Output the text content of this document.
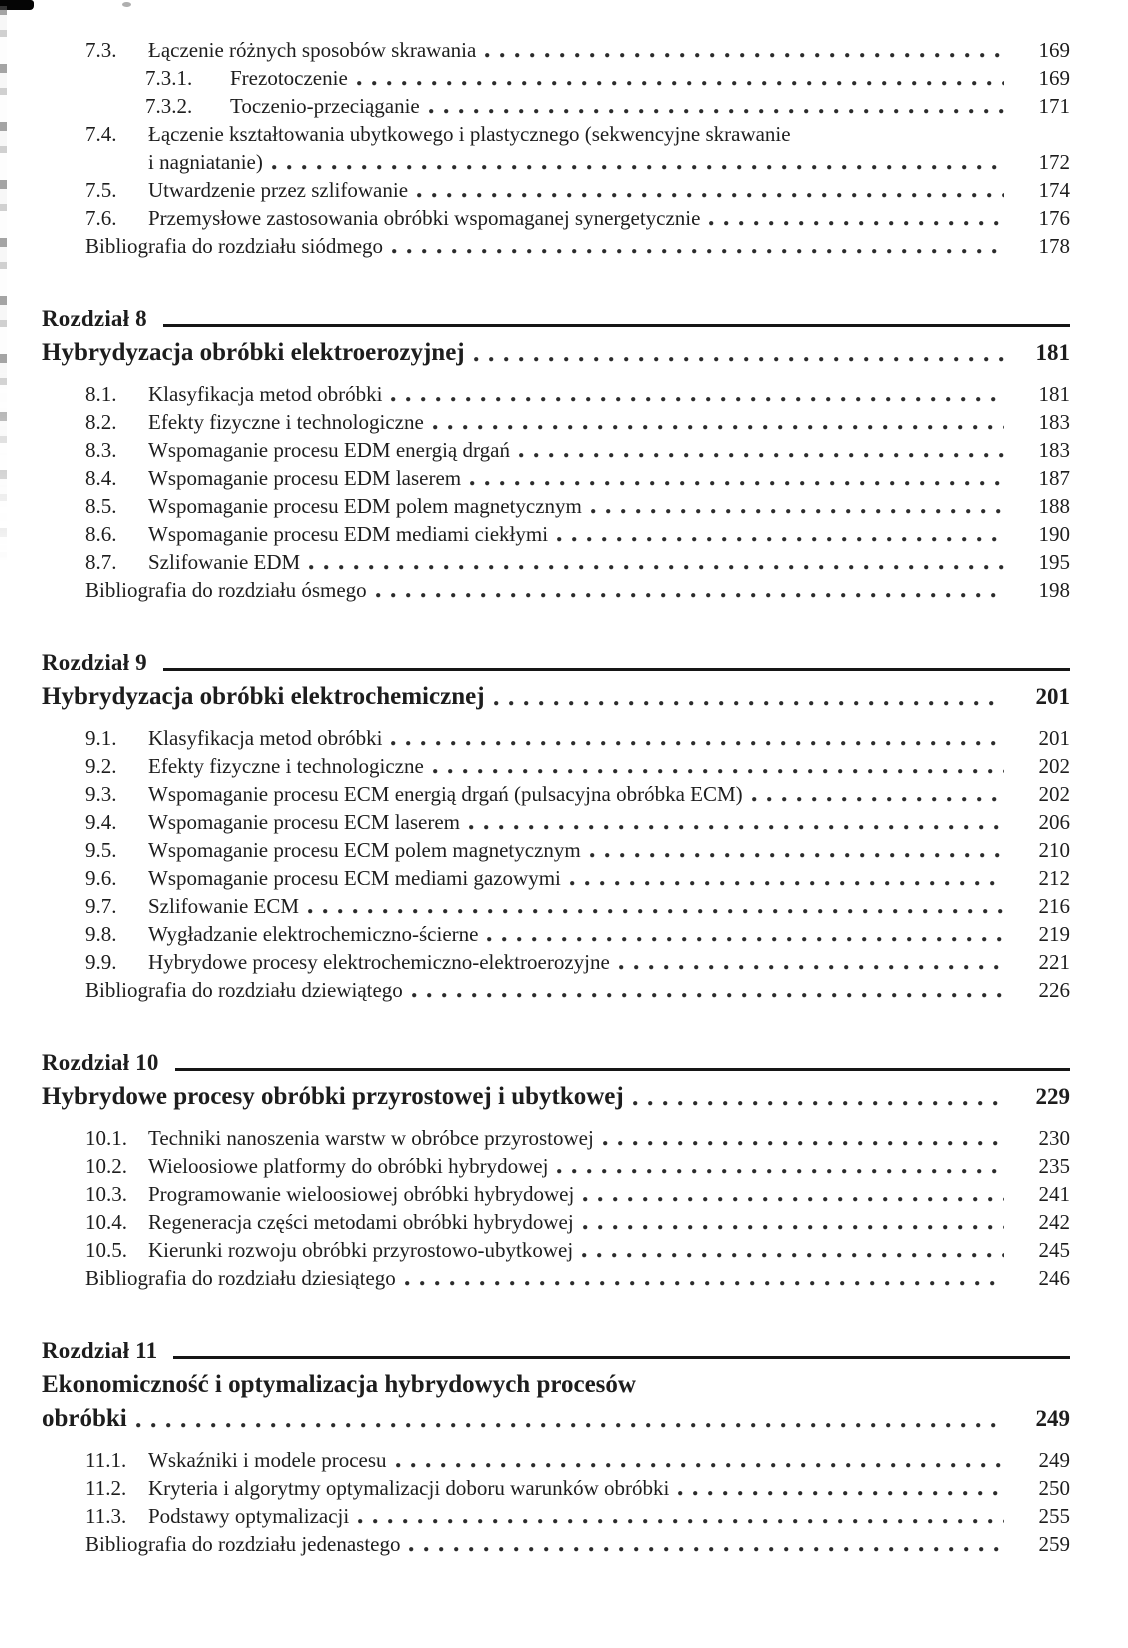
7.3.	Łączenie różnych sposobów skrawania	169
7.3.1.	Frezotoczenie	169
7.3.2.	Toczenio-przeciąganie	171
7.4.	Łączenie kształtowania ubytkowego i plastycznego (sekwencyjne skrawanie
i nagniatanie)	172
7.5.	Utwardzenie przez szlifowanie	174
7.6.	Przemysłowe zastosowania obróbki wspomaganej synergetycznie	176
Bibliografia do rozdziału siódmego	178
Rozdział 8
Hybrydyzacja obróbki elektroerozyjnej	181
8.1.	Klasyfikacja metod obróbki	181
8.2.	Efekty fizyczne i technologiczne	183
8.3.	Wspomaganie procesu EDM energią drgań	183
8.4.	Wspomaganie procesu EDM laserem	187
8.5.	Wspomaganie procesu EDM polem magnetycznym	188
8.6.	Wspomaganie procesu EDM mediami ciekłymi	190
8.7.	Szlifowanie EDM	195
Bibliografia do rozdziału ósmego	198
Rozdział 9
Hybrydyzacja obróbki elektrochemicznej	201
9.1.	Klasyfikacja metod obróbki	201
9.2.	Efekty fizyczne i technologiczne	202
9.3.	Wspomaganie procesu ECM energią drgań (pulsacyjna obróbka ECM)	202
9.4.	Wspomaganie procesu ECM laserem	206
9.5.	Wspomaganie procesu ECM polem magnetycznym	210
9.6.	Wspomaganie procesu ECM mediami gazowymi	212
9.7.	Szlifowanie ECM	216
9.8.	Wygładzanie elektrochemiczno-ścierne	219
9.9.	Hybrydowe procesy elektrochemiczno-elektroerozyjne	221
Bibliografia do rozdziału dziewiątego	226
Rozdział 10
Hybrydowe procesy obróbki przyrostowej i ubytkowej	229
10.1.	Techniki nanoszenia warstw w obróbce przyrostowej	230
10.2.	Wieloosiowe platformy do obróbki hybrydowej	235
10.3.	Programowanie wieloosiowej obróbki hybrydowej	241
10.4.	Regeneracja części metodami obróbki hybrydowej	242
10.5.	Kierunki rozwoju obróbki przyrostowo-ubytkowej	245
Bibliografia do rozdziału dziesiątego	246
Rozdział 11
Ekonomiczność i optymalizacja hybrydowych procesów
obróbki	249
11.1.	Wskaźniki i modele procesu	249
11.2.	Kryteria i algorytmy optymalizacji doboru warunków obróbki	250
11.3.	Podstawy optymalizacji	255
Bibliografia do rozdziału jedenastego	259
